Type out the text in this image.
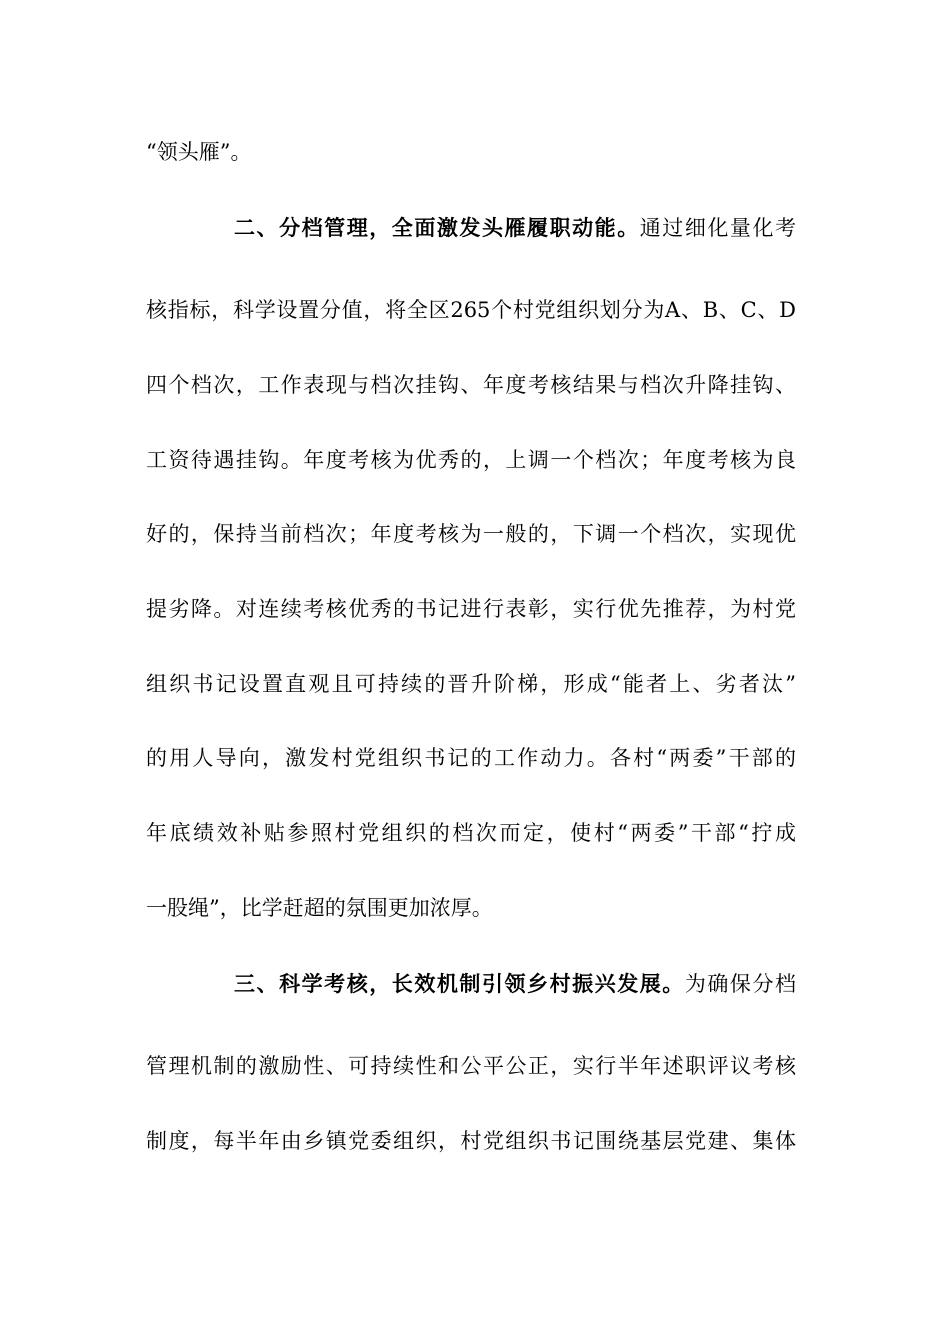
“领头雁”。
二、分档管理，全面激发头雁履职动能。通过细化量化考
核指标，科学设置分值，将全区265个村党组织划分为A、B、C、D
四个档次，工作表现与档次挂钩、年度考核结果与档次升降挂钩、
工资待遇挂钩。年度考核为优秀的，上调一个档次；年度考核为良
好的，保持当前档次；年度考核为一般的，下调一个档次，实现优
提劣降。对连续考核优秀的书记进行表彰，实行优先推荐，为村党
组织书记设置直观且可持续的晋升阶梯，形成“能者上、劣者汰”
的用人导向，激发村党组织书记的工作动力。各村“两委”干部的
年底绩效补贴参照村党组织的档次而定，使村“两委”干部“拧成
一股绳”，比学赶超的氛围更加浓厚。
三、科学考核，长效机制引领乡村振兴发展。为确保分档
管理机制的激励性、可持续性和公平公正，实行半年述职评议考核
制度，每半年由乡镇党委组织，村党组织书记围绕基层党建、集体
